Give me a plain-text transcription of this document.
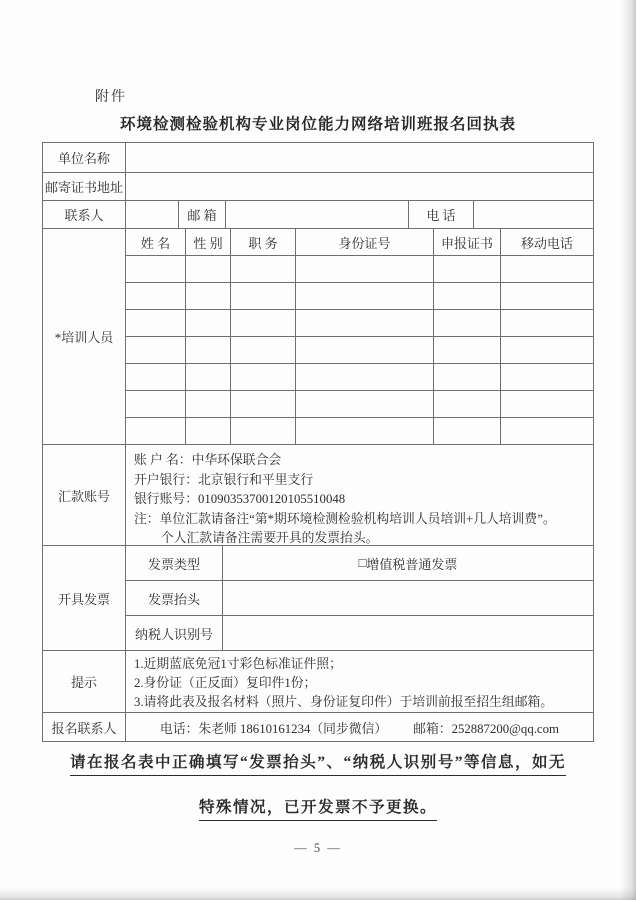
附件
环境检测检验机构专业岗位能力网络培训班报名回执表
单位名称
邮寄证书地址
联系人	邮 箱	电 话
*培训人员
姓 名	性 别	职 务	身份证号	申报证书	移动电话
汇款账号
账 户 名：中华环保联合会
开户银行：北京银行和平里支行
银行账号：01090353700120105510048
注：单位汇款请备注“第*期环境检测检验机构培训人员培训+几人培训费”。
个人汇款请备注需要开具的发票抬头。
开具发票
发票类型	□ 增值税普通发票
发票抬头
纳税人识别号
提示
1.近期蓝底免冠1寸彩色标准证件照；
2.身份证（正反面）复印件1份；
3.请将此表及报名材料（照片、身份证复印件）于培训前报至招生组邮箱。
报名联系人	电话：朱老师 18610161234（同步微信） 邮箱：252887200@qq.com
请在报名表中正确填写“发票抬头”、“纳税人识别号”等信息，如无
特殊情况，已开发票不予更换。
— 5 —
